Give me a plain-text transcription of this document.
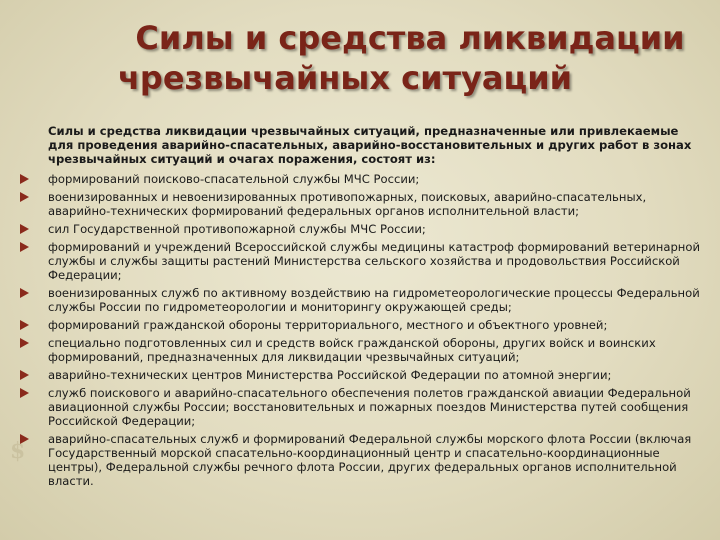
$
Силы и средства ликвидации
чрезвычайных ситуаций
Силы и средства ликвидации чрезвычайных ситуаций, предназначенные или привлекаемые для проведения аварийно-спасательных, аварийно-восстановительных и других работ в зонах чрезвычайных ситуаций и очагах поражения, состоят из:
формирований поисково-спасательной службы МЧС России;
военизированных и невоенизированных противопожарных, поисковых, аварийно-спасательных, аварийно-технических формирований федеральных органов исполнительной власти;
сил Государственной противопожарной службы МЧС России;
формирований и учреждений Всероссийской службы медицины катастроф формирований ветеринарной службы и службы защиты растений Министерства сельского хозяйства и продовольствия Российской Федерации;
военизированных служб по активному воздействию на гидрометеорологические процессы Федеральной службы России по гидрометеорологии и мониторингу окружающей среды;
формирований гражданской обороны территориального, местного и объектного уровней;
специально подготовленных сил и средств войск гражданской обороны, других войск и воинских формирований, предназначенных для ликвидации чрезвычайных ситуаций;
аварийно-технических центров Министерства Российской Федерации по атомной энергии;
служб поискового и аварийно-спасательного обеспечения полетов гражданской авиации Федеральной авиационной службы России; восстановительных и пожарных поездов Министерства путей сообщения Российской Федерации;
аварийно-спасательных служб и формирований Федеральной службы морского флота России (включая Государственный морской спасательно-координационный центр и спасательно-координационные центры), Федеральной службы речного флота России, других федеральных органов исполнительной власти.
